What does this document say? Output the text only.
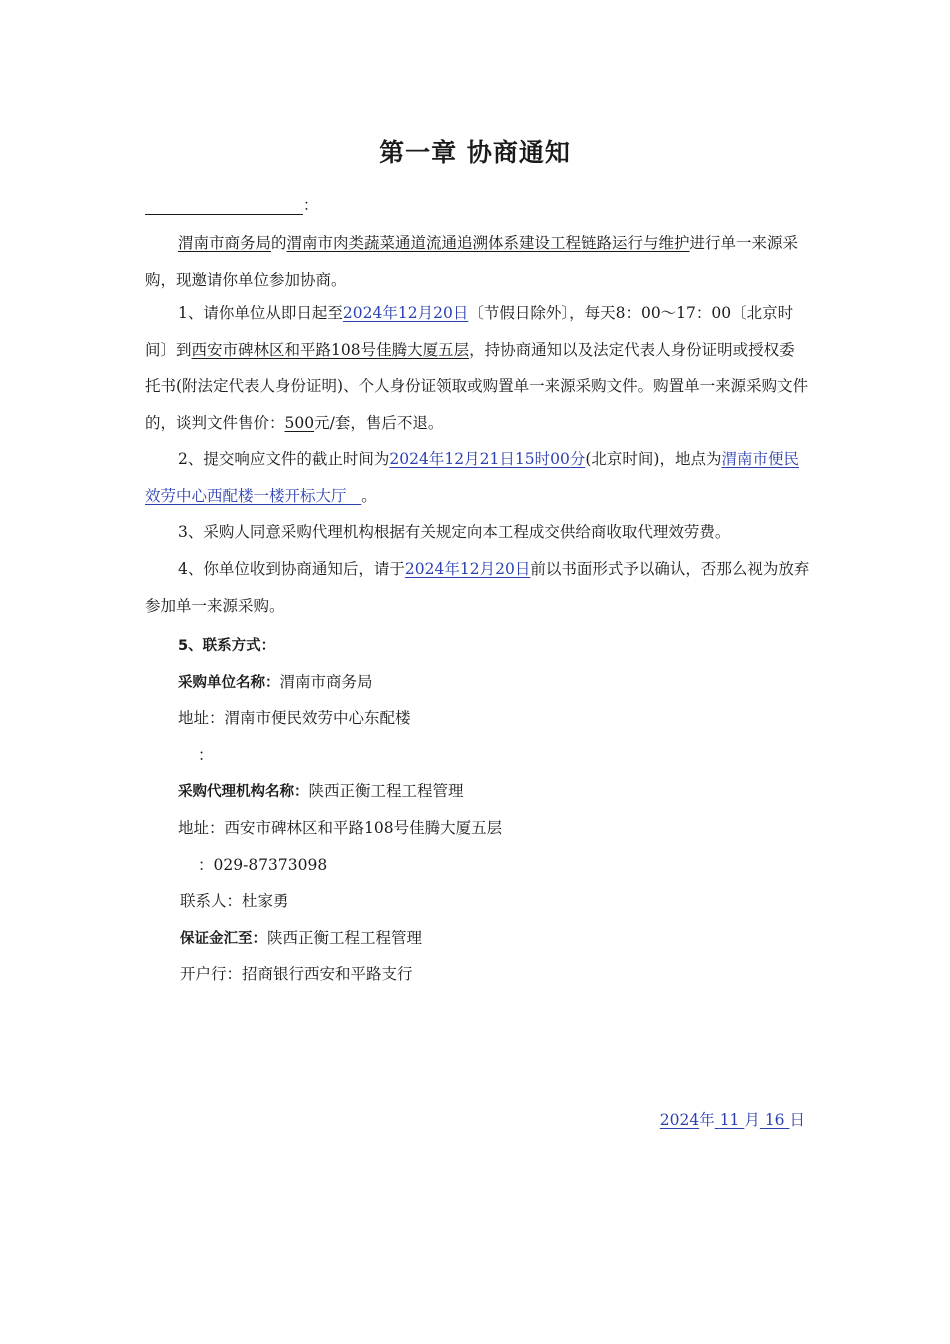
第一章 协商通知
：
渭南市商务局的渭南市肉类蔬菜通道流通追溯体系建设工程链路运行与维护进行单一来源采购，现邀请你单位参加协商。
1、请你单位从即日起至2024年12月20日〔节假日除外〕，每天8：00～17：00〔北京时间〕到西安市碑林区和平路108号佳腾大厦五层，持协商通知以及法定代表人身份证明或授权委托书(附法定代表人身份证明)、个人身份证领取或购置单一来源采购文件。购置单一来源采购文件的，谈判文件售价：500元/套，售后不退。
2、提交响应文件的截止时间为2024年12月21日15时00分(北京时间)，地点为渭南市便民效劳中心西配楼一楼开标大厅 。
3、采购人同意采购代理机构根据有关规定向本工程成交供给商收取代理效劳费。
4、你单位收到协商通知后，请于2024年12月20日前以书面形式予以确认，否那么视为放弃参加单一来源采购。
5、联系方式：
采购单位名称：渭南市商务局
地址：渭南市便民效劳中心东配楼
：
采购代理机构名称：陕西正衡工程工程管理
地址：西安市碑林区和平路108号佳腾大厦五层
：029-87373098
联系人：杜家勇
保证金汇至：陕西正衡工程工程管理
开户行：招商银行西安和平路支行
2024年 11 月 16 日
